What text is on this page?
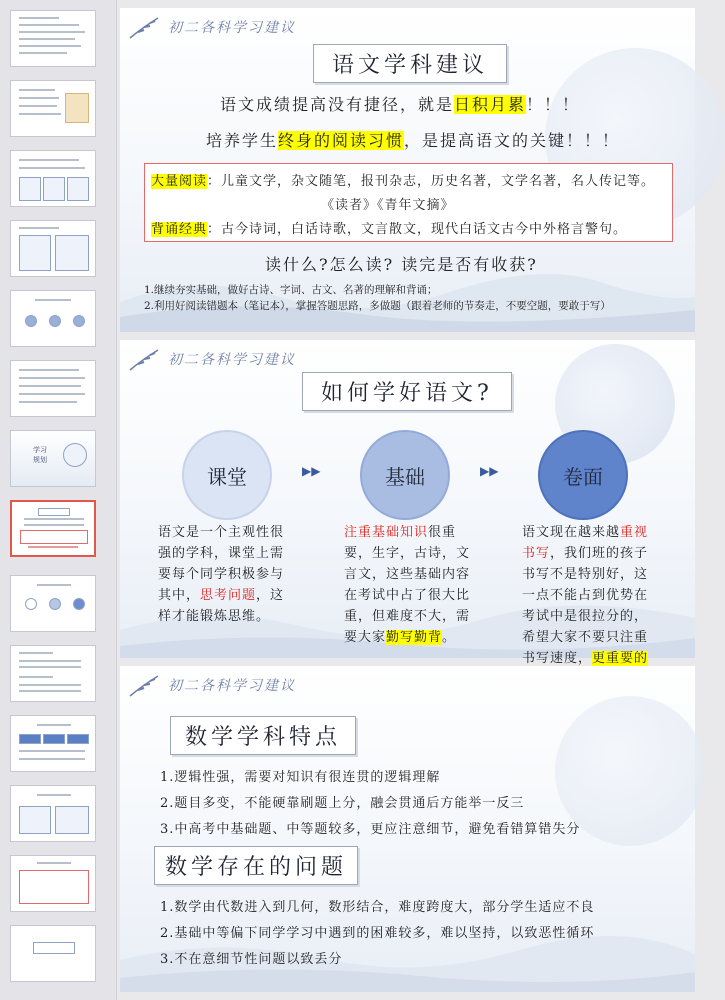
学习
规划
初二各科学习建议
语文学科建议
语文成绩提高没有捷径，就是日积月累！！！
培养学生终身的阅读习惯，是提高语文的关键！！！
大量阅读：儿童文学，杂文随笔，报刊杂志，历史名著，文学名著，名人传记等。
《读者》《青年文摘》
背诵经典：古今诗词，白话诗歌，文言散文，现代白话文古今中外格言警句。
读什么?怎么读? 读完是否有收获?
1.继续夯实基础，做好古诗、字词、古文、名著的理解和背诵；
2.利用好阅读错题本（笔记本），掌握答题思路，多做题（跟着老师的节奏走，不要空题，要敢于写）
初二各科学习建议
如何学好语文?
课堂	▶▶	基础	▶▶	卷面
语文是一个主观性很强的学科，课堂上需要每个同学积极参与其中，思考问题，这样才能锻炼思维。
注重基础知识很重要，生字，古诗，文言文，这些基础内容在考试中占了很大比重，但难度不大，需要大家勤写勤背。
语文现在越来越重视书写，我们班的孩子书写不是特别好，这一点不能占到优势在考试中是很拉分的，希望大家不要只注重书写速度，更重要的
初二各科学习建议
数学学科特点
1.逻辑性强，需要对知识有很连贯的逻辑理解
2.题目多变，不能硬靠刷题上分，融会贯通后方能举一反三
3.中高考中基础题、中等题较多，更应注意细节，避免看错算错失分
数学存在的问题
1.数学由代数进入到几何，数形结合，难度跨度大，部分学生适应不良
2.基础中等偏下同学学习中遇到的困难较多，难以坚持，以致恶性循环
3.不在意细节性问题以致丢分
